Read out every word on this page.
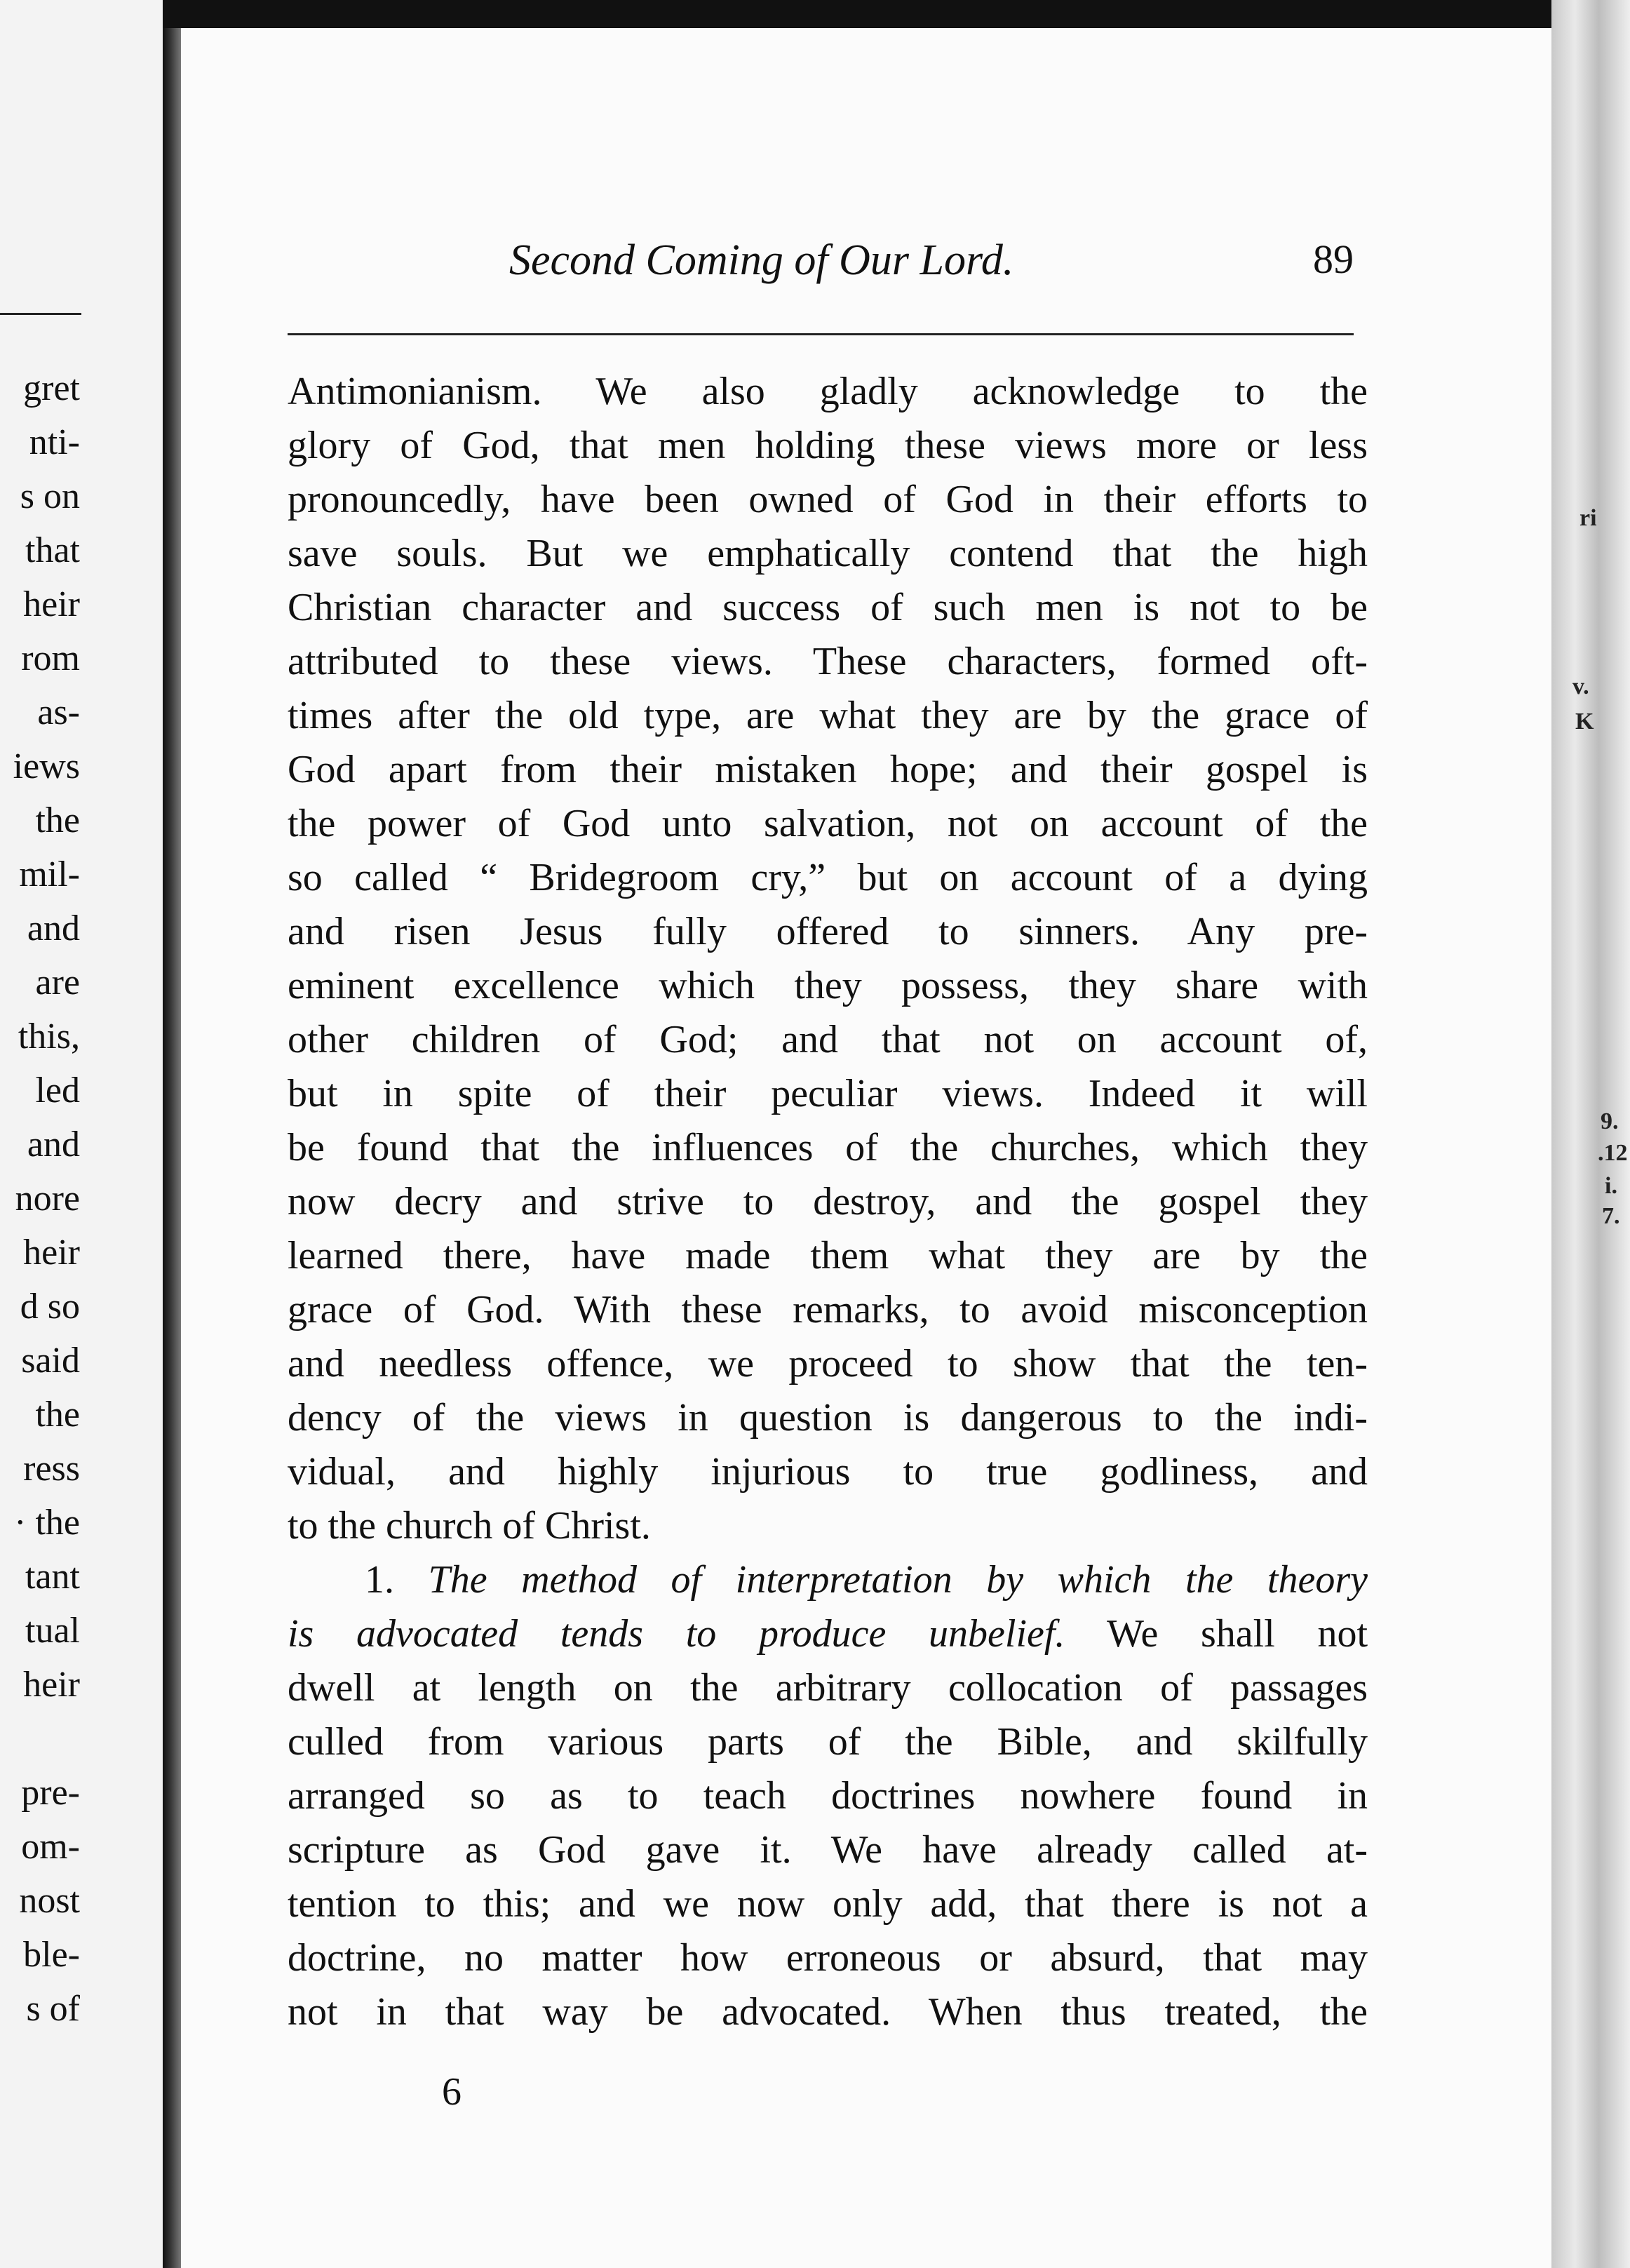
gret
nti-
s on
that
heir
rom
as-
iews
the
mil-
and
are
this,
led
and
nore
heir
d so
said
the
ress
· the
tant
tual
heir
pre-
om-
nost
ble-
s of
ri
v.
K
9.
.12
i.
7.
Second Coming of Our Lord.	89
Antimonianism. We also gladly acknowledge to the
glory of God, that men holding these views more or less
pronouncedly, have been owned of God in their efforts to
save souls. But we emphatically contend that the high
Christian character and success of such men is not to be
attributed to these views. These characters, formed oft-
times after the old type, are what they are by the grace of
God apart from their mistaken hope; and their gospel is
the power of God unto salvation, not on account of the
so called “ Bridegroom cry,” but on account of a dying
and risen Jesus fully offered to sinners. Any pre-
eminent excellence which they possess, they share with
other children of God; and that not on account of,
but in spite of their peculiar views. Indeed it will
be found that the influences of the churches, which they
now decry and strive to destroy, and the gospel they
learned there, have made them what they are by the
grace of God. With these remarks, to avoid misconception
and needless offence, we proceed to show that the ten-
dency of the views in question is dangerous to the indi-
vidual, and highly injurious to true godliness, and
to the church of Christ.
1. The method of interpretation by which the theory
is advocated tends to produce unbelief. We shall not
dwell at length on the arbitrary collocation of passages
culled from various parts of the Bible, and skilfully
arranged so as to teach doctrines nowhere found in
scripture as God gave it. We have already called at-
tention to this; and we now only add, that there is not a
doctrine, no matter how erroneous or absurd, that may
not in that way be advocated. When thus treated, the
6
